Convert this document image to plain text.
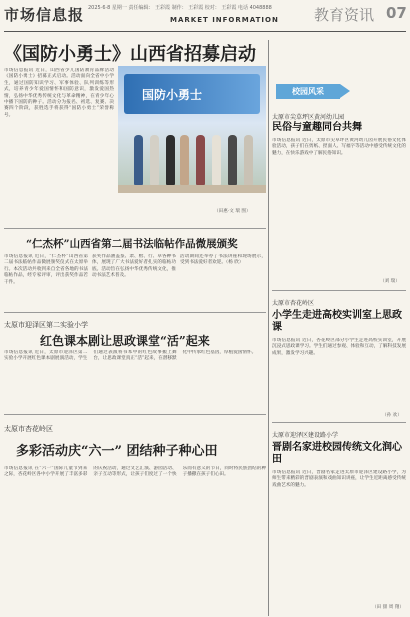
市场信息报 2025·6·8 星期一 责任编辑： 王彩霞 制作： 王彩霞 校对： 王彩霞 电话 4048888
MARKET INFORMATION 教育资讯 07
《国防小勇士》山西省招募启动
市场信息报讯 近日，山西省少儿国防教育品牌活动《国防小勇士》招募正式启动。活动面向全省中小学生，通过国防知识学习、军事体验、队列训练等形式，培养青少年爱国情怀和国防意识，激发爱国热情，弘扬中华优秀传统文化与革命精神，在青少年心中播下国防的种子。活动分为报名、初选、复赛、决赛四个阶段，获胜选手将获得“国防小勇士”荣誉称号。
国防小勇士
（田惠·文 瑞 图）
“仁杰杯”山西省第二届书法临帖作品微展颁奖
市场信息报讯 近日，“仁杰杯”山西省第二届书法临帖作品微展颁奖仪式在太原举行。本次活动共收到来自全省各地的书法临帖作品，经专家评审，评出获奖作品若干件。
获奖作品涵盖篆、隶、楷、行、草各种书体，展现了广大书法爱好者扎实的临帖功底。活动旨在弘扬中华优秀传统文化，推动书法艺术普及。
活动期间还举办了书法讲座和现场展示，受到书法爱好者欢迎。（杨 欣）
太原市迎泽区第二实验小学
红色课本剧让思政课堂“活”起来
市场信息报讯 近日，太原市迎泽区第二实验小学开展红色课本剧展演活动，学生们通过表演将书本中的红色故事搬上舞台，让思政课堂真正“活”起来，在潜移默化中传承红色基因，厚植爱国情怀。
太原市杏花岭区
多彩活动庆“六一” 团结种子种心田
市场信息报讯 在“六一”国际儿童节到来之际，杏花岭区各中小学开展了丰富多彩的庆祝活动，通过文艺汇演、游园活动、亲子互动等形式，让孩子们度过了一个快乐而有意义的节日，同时将民族团结的种子播撒在孩子们心田。
校园风采
太原市尖草坪区黄河幼儿园
民俗与童趣同台共舞
市场信息报讯 近日，太原市尖草坪区黄河幼儿园开展民俗文化体验活动，孩子们在剪纸、捏面人、写福字等活动中感受传统文化的魅力，在快乐游戏中了解民俗知识。
（刘 瑞）
太原市杏花岭区
小学生走进高校实训室上思政课
市场信息报讯 近日，杏花岭区部分小学生走进高校实训室，开展沉浸式思政课学习。学生们通过参观、体验和互动，了解科技发展成果，激发学习兴趣。
（孙 欢）
太原市迎泽区建设路小学
晋剧名家进校园传统文化润心田
市场信息报讯 近日，晋剧名家走进太原市迎泽区建设路小学，为师生带来精彩的晋剧表演和戏曲知识讲座，让学生近距离感受传统戏曲艺术的魅力。
（田 甜 周 翔）
